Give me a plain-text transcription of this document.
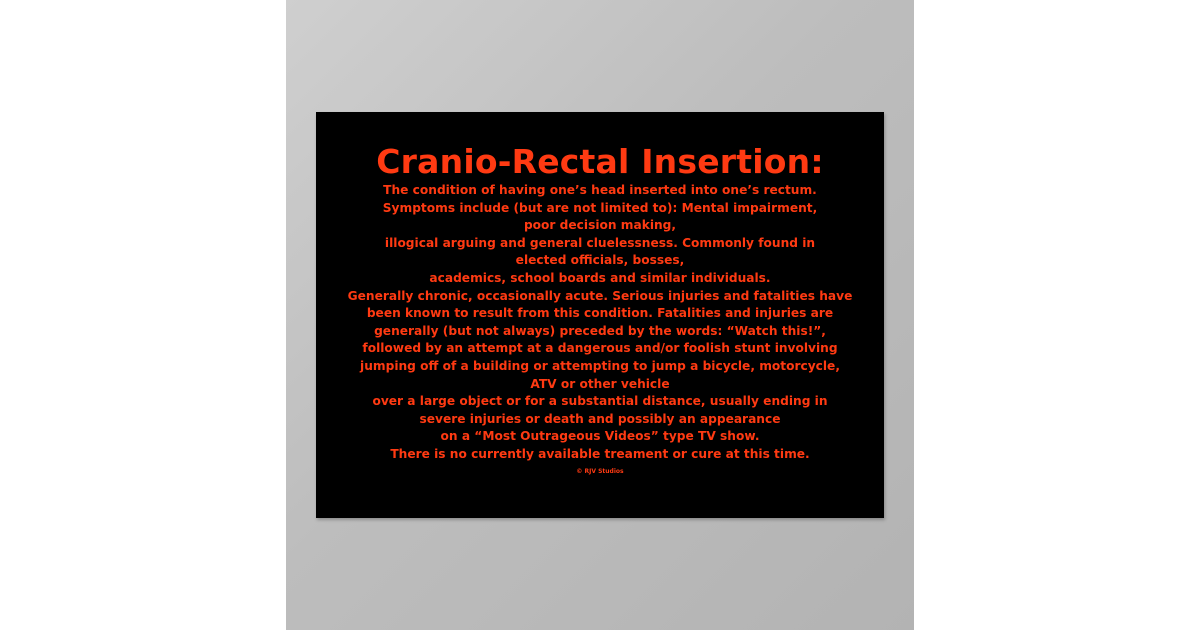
Cranio-Rectal Insertion:
The condition of having one’s head inserted into one’s rectum.
Symptoms include (but are not limited to): Mental impairment,
poor decision making,
illogical arguing and general cluelessness. Commonly found in
elected officials, bosses,
academics, school boards and similar individuals.
Generally chronic, occasionally acute. Serious injuries and fatalities have
been known to result from this condition. Fatalities and injuries are
generally (but not always) preceded by the words: “Watch this!”,
followed by an attempt at a dangerous and/or foolish stunt involving
jumping off of a building or attempting to jump a bicycle, motorcycle,
ATV or other vehicle
over a large object or for a substantial distance, usually ending in
severe injuries or death and possibly an appearance
on a “Most Outrageous Videos” type TV show.
There is no currently available treament or cure at this time.
© RJV Studios
